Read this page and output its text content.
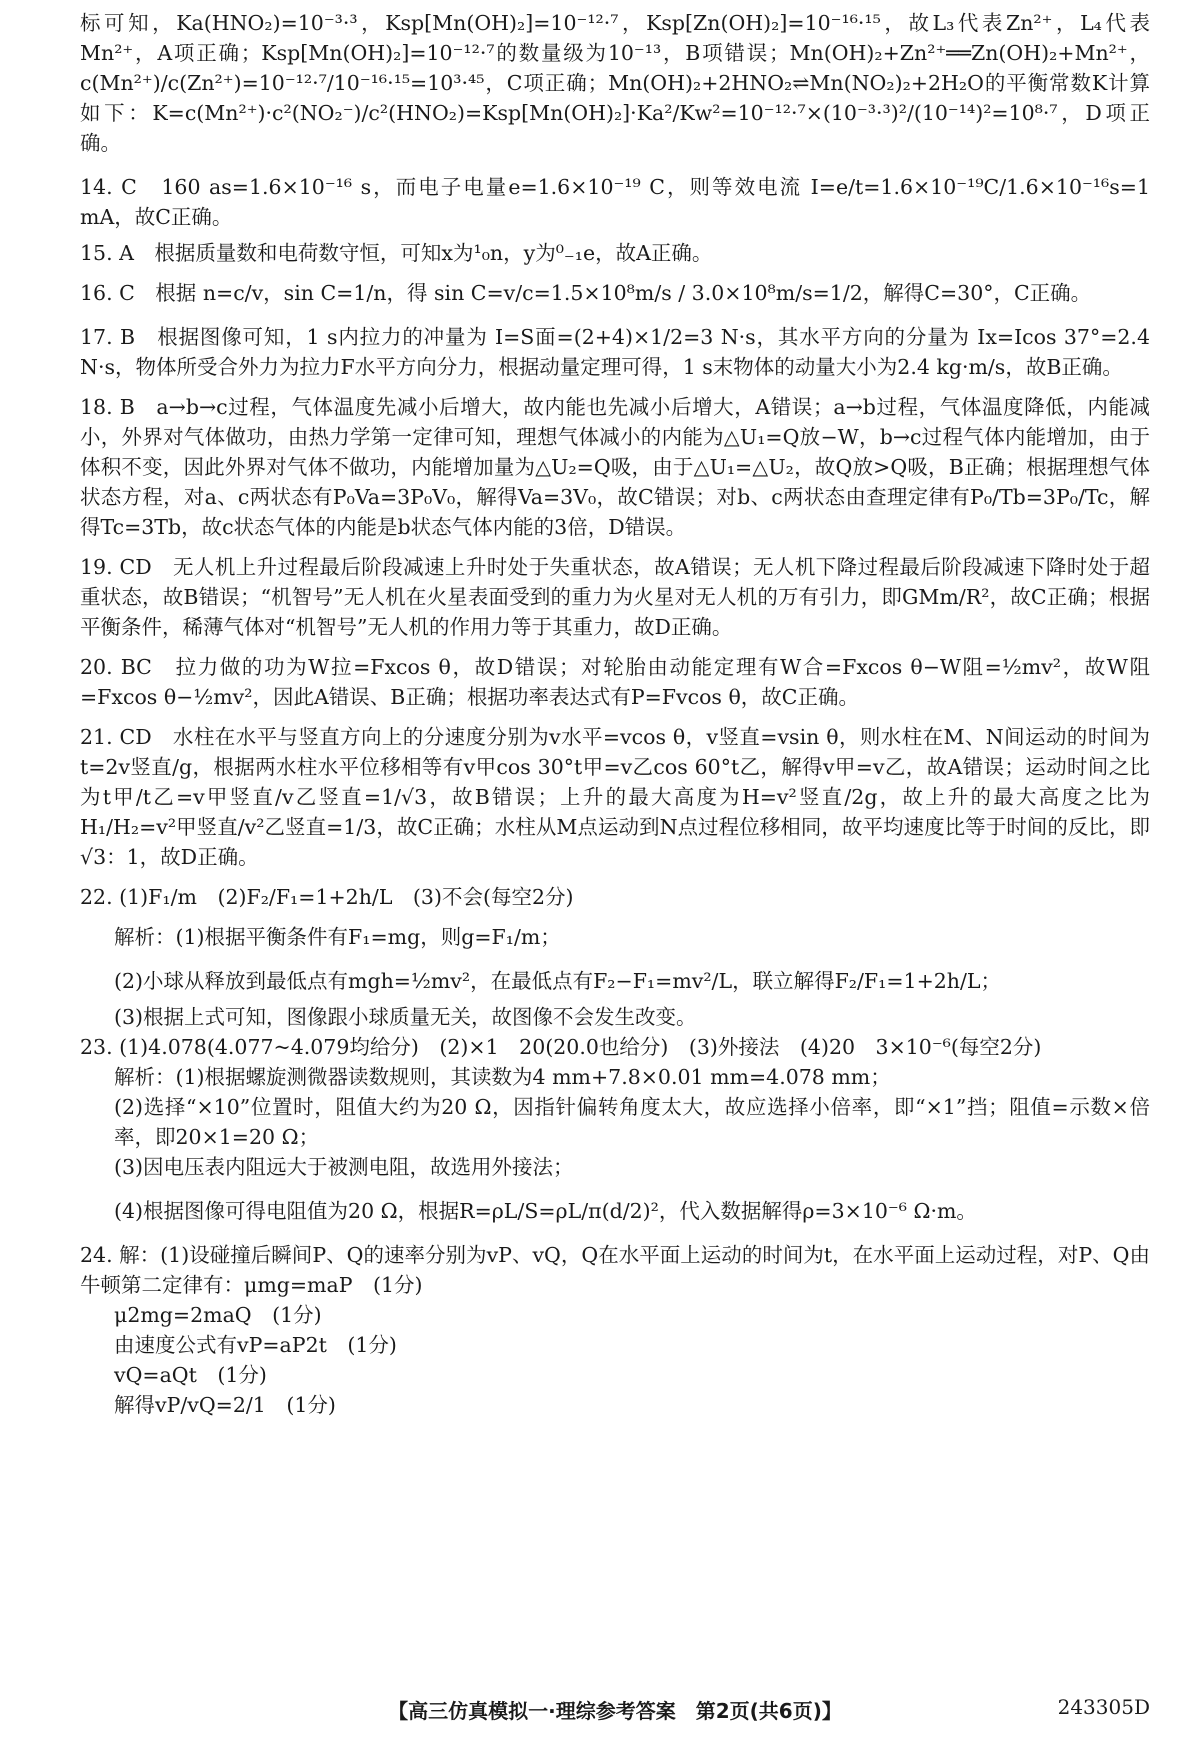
标可知，Ka(HNO₂)=10⁻³·³，Ksp[Mn(OH)₂]=10⁻¹²·⁷，Ksp[Zn(OH)₂]=10⁻¹⁶·¹⁵，故L₃代表Zn²⁺，L₄代表Mn²⁺，A项正确；Ksp[Mn(OH)₂]=10⁻¹²·⁷的数量级为10⁻¹³，B项错误；Mn(OH)₂+Zn²⁺══Zn(OH)₂+Mn²⁺，c(Mn²⁺)/c(Zn²⁺)=10⁻¹²·⁷/10⁻¹⁶·¹⁵=10³·⁴⁵，C项正确；Mn(OH)₂+2HNO₂⇌Mn(NO₂)₂+2H₂O的平衡常数K计算如下：K=c(Mn²⁺)·c²(NO₂⁻)/c²(HNO₂)=Ksp[Mn(OH)₂]·Ka²/Kw²=10⁻¹²·⁷×(10⁻³·³)²/(10⁻¹⁴)²=10⁸·⁷，D项正确。

14. C　160 as=1.6×10⁻¹⁶ s，而电子电量e=1.6×10⁻¹⁹ C，则等效电流 I=e/t=1.6×10⁻¹⁹C/1.6×10⁻¹⁶s=1 mA，故C正确。

15. A　根据质量数和电荷数守恒，可知x为¹₀n，y为⁰₋₁e，故A正确。

16. C　根据 n=c/v，sin C=1/n，得 sin C=v/c=1.5×10⁸m/s / 3.0×10⁸m/s=1/2，解得C=30°，C正确。

17. B　根据图像可知，1 s内拉力的冲量为 I=S面=(2+4)×1/2=3 N·s，其水平方向的分量为 Ix=Icos 37°=2.4 N·s，物体所受合外力为拉力F水平方向分力，根据动量定理可得，1 s末物体的动量大小为2.4 kg·m/s，故B正确。

18. B　a→b→c过程，气体温度先减小后增大，故内能也先减小后增大，A错误；a→b过程，气体温度降低，内能减小，外界对气体做功，由热力学第一定律可知，理想气体减小的内能为△U₁=Q放−W，b→c过程气体内能增加，由于体积不变，因此外界对气体不做功，内能增加量为△U₂=Q吸，由于△U₁=△U₂，故Q放>Q吸，B正确；根据理想气体状态方程，对a、c两状态有P₀Va=3P₀V₀，解得Va=3V₀，故C错误；对b、c两状态由查理定律有P₀/Tb=3P₀/Tc，解得Tc=3Tb，故c状态气体的内能是b状态气体内能的3倍，D错误。

19. CD　无人机上升过程最后阶段减速上升时处于失重状态，故A错误；无人机下降过程最后阶段减速下降时处于超重状态，故B错误；“机智号”无人机在火星表面受到的重力为火星对无人机的万有引力，即GMm/R²，故C正确；根据平衡条件，稀薄气体对“机智号”无人机的作用力等于其重力，故D正确。

20. BC　拉力做的功为W拉=Fxcos θ，故D错误；对轮胎由动能定理有W合=Fxcos θ−W阻=½mv²，故W阻=Fxcos θ−½mv²，因此A错误、B正确；根据功率表达式有P=Fvcos θ，故C正确。

21. CD　水柱在水平与竖直方向上的分速度分别为v水平=vcos θ，v竖直=vsin θ，则水柱在M、N间运动的时间为t=2v竖直/g，根据两水柱水平位移相等有v甲cos 30°t甲=v乙cos 60°t乙，解得v甲=v乙，故A错误；运动时间之比为t甲/t乙=v甲竖直/v乙竖直=1/√3，故B错误；上升的最大高度为H=v²竖直/2g，故上升的最大高度之比为H₁/H₂=v²甲竖直/v²乙竖直=1/3，故C正确；水柱从M点运动到N点过程位移相同，故平均速度比等于时间的反比，即√3：1，故D正确。

22. (1)F₁/m　(2)F₂/F₁=1+2h/L　(3)不会(每空2分)

解析：(1)根据平衡条件有F₁=mg，则g=F₁/m；

(2)小球从释放到最低点有mgh=½mv²，在最低点有F₂−F₁=mv²/L，联立解得F₂/F₁=1+2h/L；

(3)根据上式可知，图像跟小球质量无关，故图像不会发生改变。

23. (1)4.078(4.077~4.079均给分)　(2)×1　20(20.0也给分)　(3)外接法　(4)20　3×10⁻⁶(每空2分)

解析：(1)根据螺旋测微器读数规则，其读数为4 mm+7.8×0.01 mm=4.078 mm；

(2)选择“×10”位置时，阻值大约为20 Ω，因指针偏转角度太大，故应选择小倍率，即“×1”挡；阻值=示数×倍率，即20×1=20 Ω；

(3)因电压表内阻远大于被测电阻，故选用外接法；

(4)根据图像可得电阻值为20 Ω，根据R=ρL/S=ρL/π(d/2)²，代入数据解得ρ=3×10⁻⁶ Ω·m。

24. 解：(1)设碰撞后瞬间P、Q的速率分别为vP、vQ，Q在水平面上运动的时间为t，在水平面上运动过程，对P、Q由牛顿第二定律有：μmg=maP　(1分)

μ2mg=2maQ　(1分)

由速度公式有vP=aP2t　(1分)

vQ=aQt　(1分)

解得vP/vQ=2/1　(1分)

【高三仿真模拟一·理综参考答案　第2页(共6页)】	243305D
